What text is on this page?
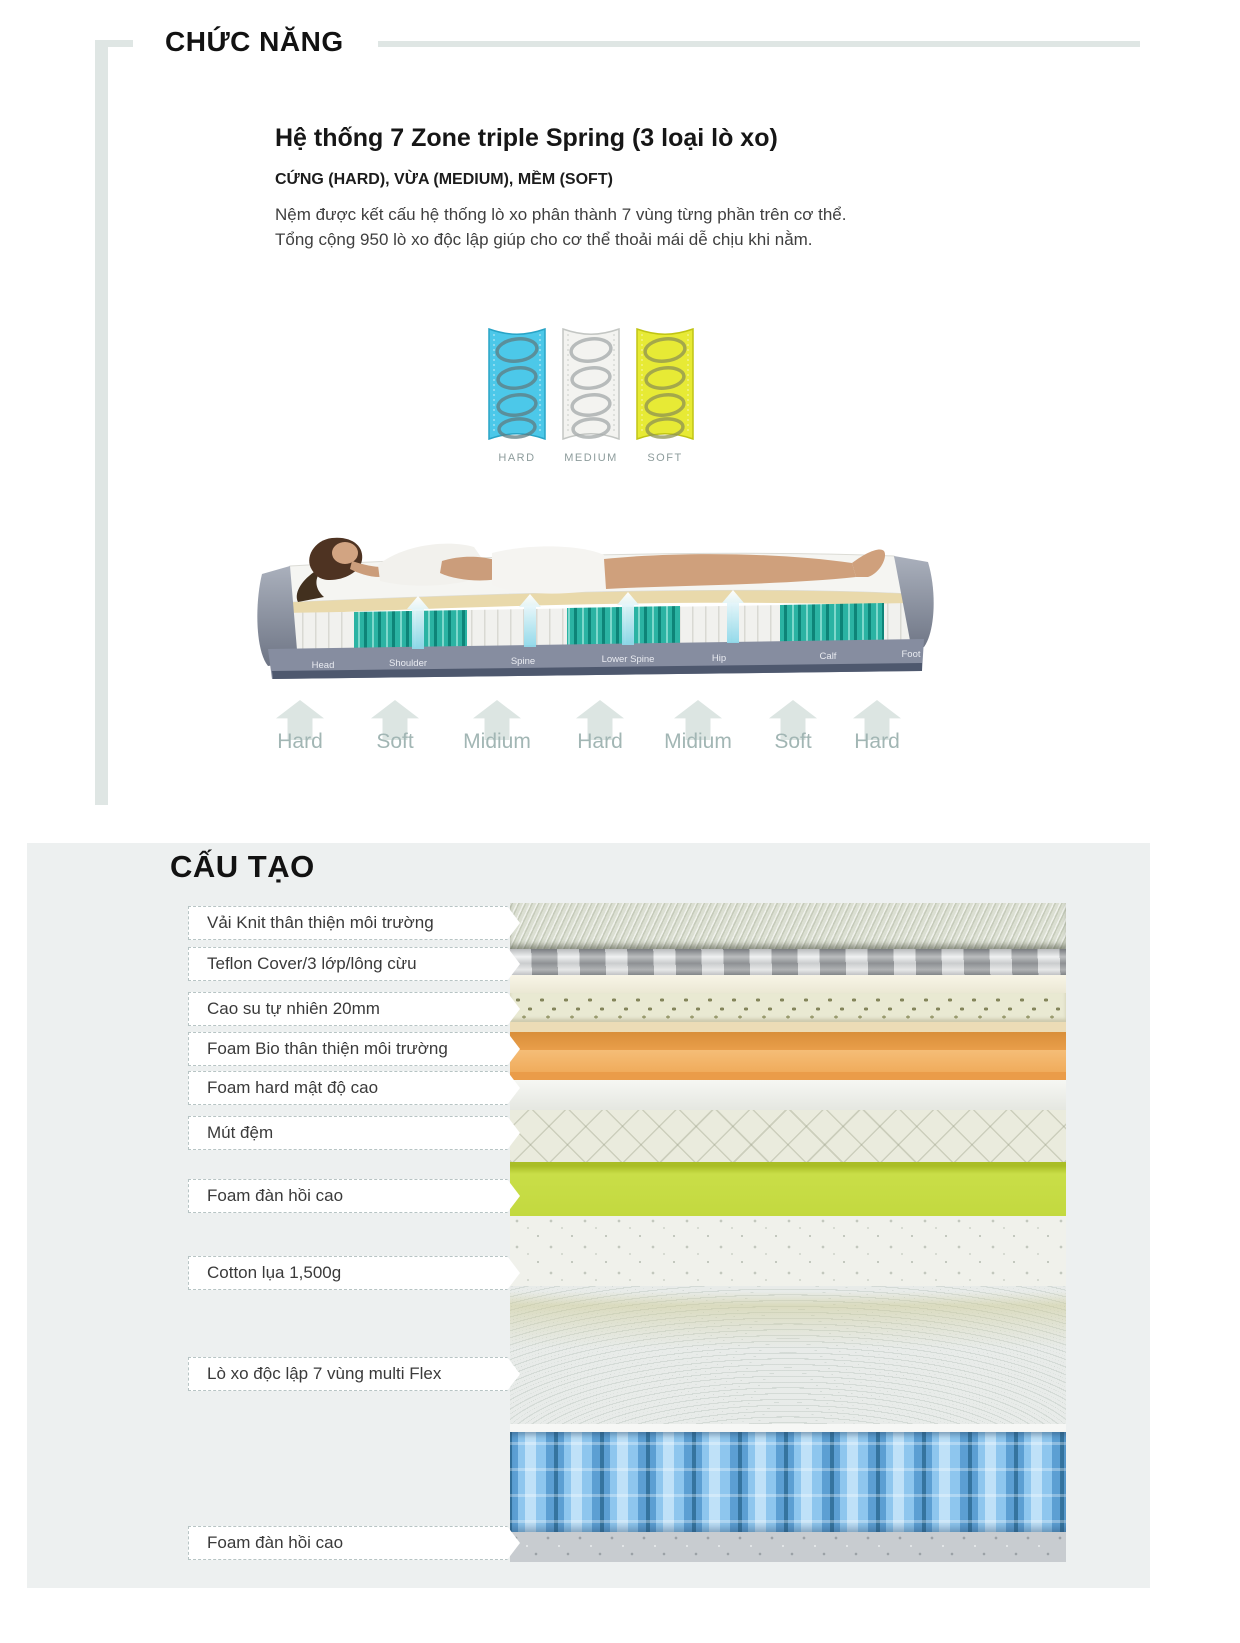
CHỨC NĂNG
Hệ thống 7 Zone triple Spring (3 loại lò xo)
CỨNG (HARD), VỪA (MEDIUM), MỀM (SOFT)
Nệm được kết cấu hệ thống lò xo phân thành 7 vùng từng phần trên cơ thể.
Tổng cộng 950 lò xo độc lập giúp cho cơ thể thoải mái dễ chịu khi nằm.
HARD	MEDIUM	SOFT
Head	Shoulder	Spine	Lower Spine	Hip	Calf	Foot
Hard	Soft	Midium	Hard	Midium	Soft	Hard
CẤU TẠO
Vải Knit thân thiện môi trường
Teflon Cover/3 lớp/lông cừu
Cao su tự nhiên 20mm
Foam Bio thân thiện môi trường
Foam hard mật độ cao
Mút đệm
Foam đàn hồi cao
Cotton lụa 1,500g
Lò xo độc lập 7 vùng multi Flex
Foam đàn hồi cao
